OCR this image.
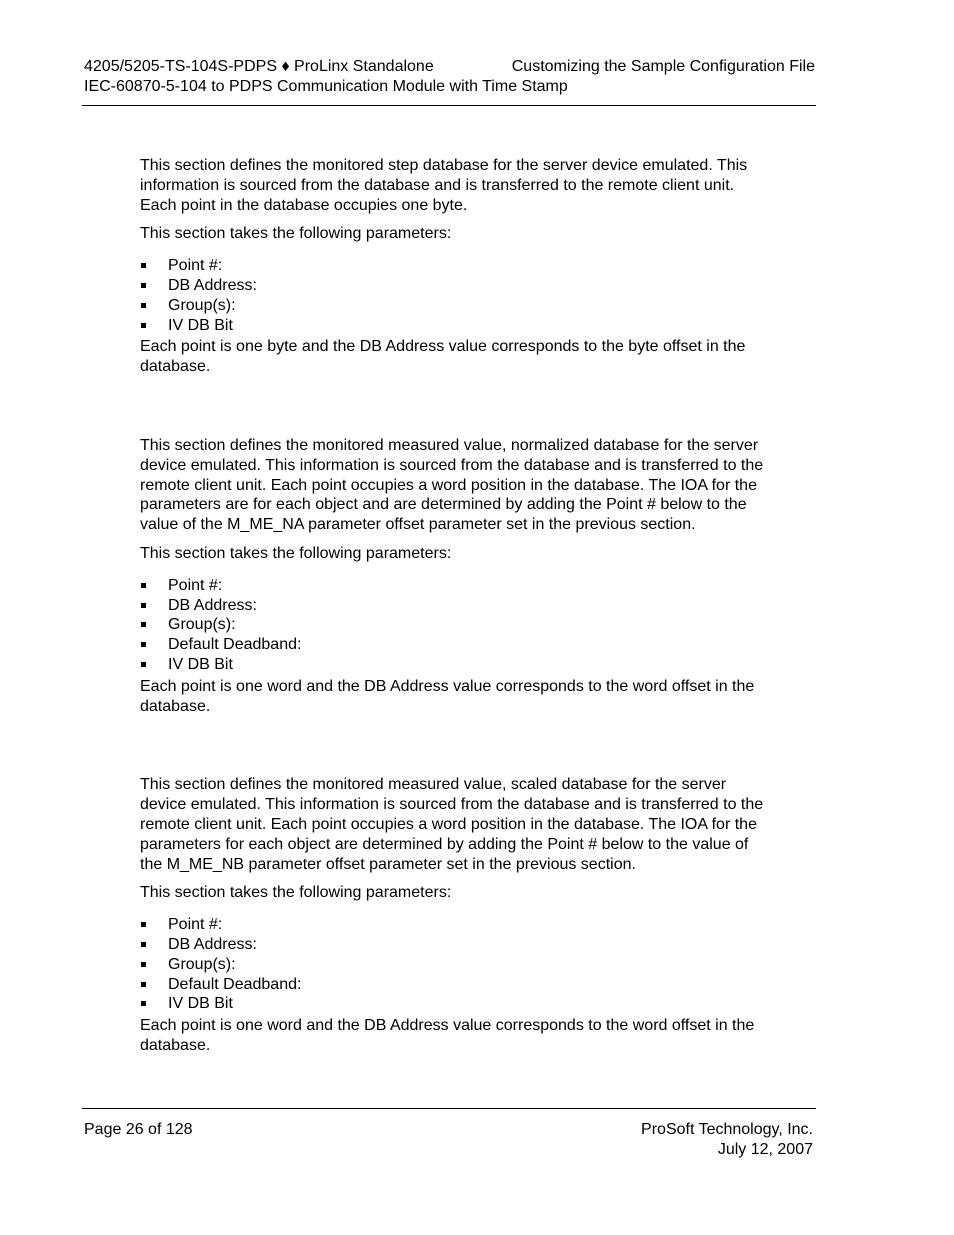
4205/5205-TS-104S-PDPS ♦ ProLinx Standalone	Customizing the Sample Configuration File
IEC-60870-5-104 to PDPS Communication Module with Time Stamp

This section defines the monitored step database for the server device emulated. This information is sourced from the database and is transferred to the remote client unit. Each point in the database occupies one byte.

This section takes the following parameters:

Point #:
DB Address:
Group(s):
IV DB Bit

Each point is one byte and the DB Address value corresponds to the byte offset in the database.

This section defines the monitored measured value, normalized database for the server device emulated. This information is sourced from the database and is transferred to the remote client unit. Each point occupies a word position in the database. The IOA for the parameters are for each object and are determined by adding the Point # below to the value of the M_ME_NA parameter offset parameter set in the previous section.

This section takes the following parameters:

Point #:
DB Address:
Group(s):
Default Deadband:
IV DB Bit

Each point is one word and the DB Address value corresponds to the word offset in the database.

This section defines the monitored measured value, scaled database for the server device emulated. This information is sourced from the database and is transferred to the remote client unit. Each point occupies a word position in the database. The IOA for the parameters for each object are determined by adding the Point # below to the value of the M_ME_NB parameter offset parameter set in the previous section.

This section takes the following parameters:

Point #:
DB Address:
Group(s):
Default Deadband:
IV DB Bit

Each point is one word and the DB Address value corresponds to the word offset in the database.

Page 26 of 128	ProSoft Technology, Inc.
July 12, 2007
